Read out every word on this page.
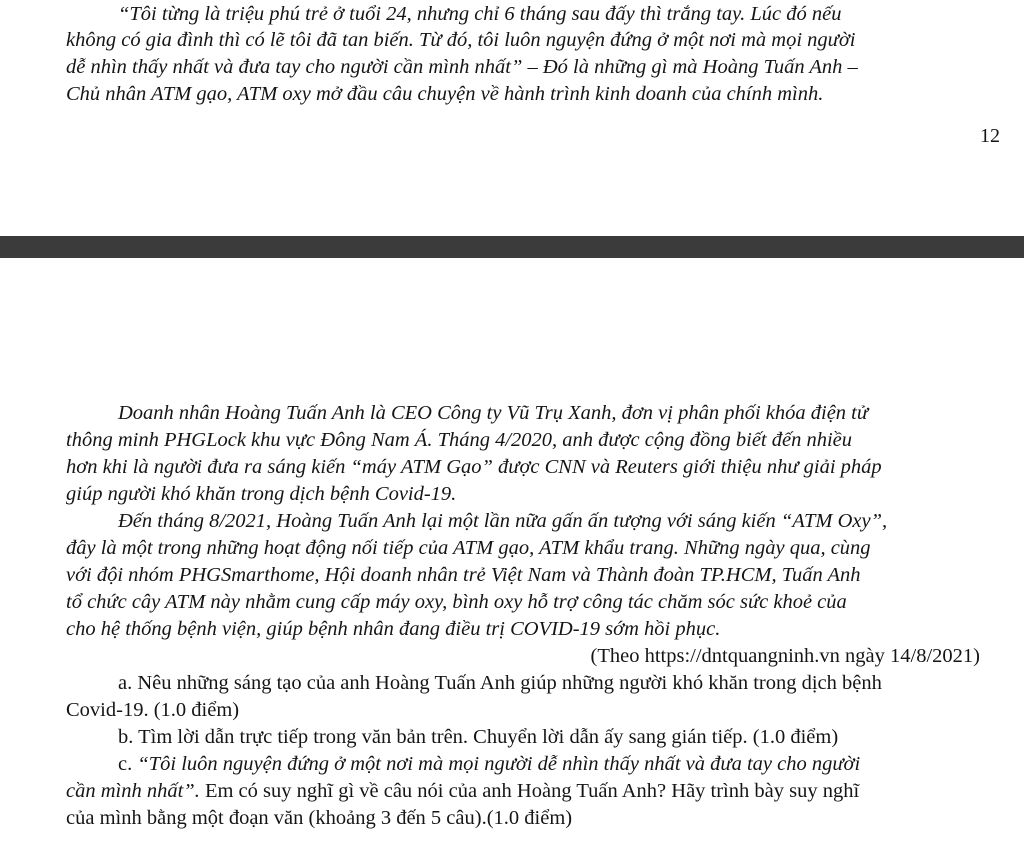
“Tôi từng là triệu phú trẻ ở tuổi 24, nhưng chỉ 6 tháng sau đấy thì trắng tay. Lúc đó nếu
không có gia đình thì có lẽ tôi đã tan biến. Từ đó, tôi luôn nguyện đứng ở một nơi mà mọi người
dễ nhìn thấy nhất và đưa tay cho người cần mình nhất” – Đó là những gì mà Hoàng Tuấn Anh –
Chủ nhân ATM gạo, ATM oxy mở đầu câu chuyện về hành trình kinh doanh của chính mình.
12
Doanh nhân Hoàng Tuấn Anh là CEO Công ty Vũ Trụ Xanh, đơn vị phân phối khóa điện tử
thông minh PHGLock khu vực Đông Nam Á. Tháng 4/2020, anh được cộng đồng biết đến nhiều
hơn khi là người đưa ra sáng kiến “máy ATM Gạo” được CNN và Reuters giới thiệu như giải pháp
giúp người khó khăn trong dịch bệnh Covid-19.
Đến tháng 8/2021, Hoàng Tuấn Anh lại một lần nữa gấn ấn tượng với sáng kiến “ATM Oxy”,
đây là một trong những hoạt động nối tiếp của ATM gạo, ATM khẩu trang. Những ngày qua, cùng
với đội nhóm PHGSmarthome, Hội doanh nhân trẻ Việt Nam và Thành đoàn TP.HCM, Tuấn Anh
tổ chức cây ATM này nhằm cung cấp máy oxy, bình oxy hỗ trợ công tác chăm sóc sức khoẻ của
cho hệ thống bệnh viện, giúp bệnh nhân đang điều trị COVID-19 sớm hồi phục.
(Theo https://dntquangninh.vn ngày 14/8/2021)
a. Nêu những sáng tạo của anh Hoàng Tuấn Anh giúp những người khó khăn trong dịch bệnh
Covid-19. (1.0 điểm)
b. Tìm lời dẫn trực tiếp trong văn bản trên. Chuyển lời dẫn ấy sang gián tiếp. (1.0 điểm)
c. “Tôi luôn nguyện đứng ở một nơi mà mọi người dễ nhìn thấy nhất và đưa tay cho người
cần mình nhất”. Em có suy nghĩ gì về câu nói của anh Hoàng Tuấn Anh? Hãy trình bày suy nghĩ
của mình bằng một đoạn văn (khoảng 3 đến 5 câu).(1.0 điểm)
